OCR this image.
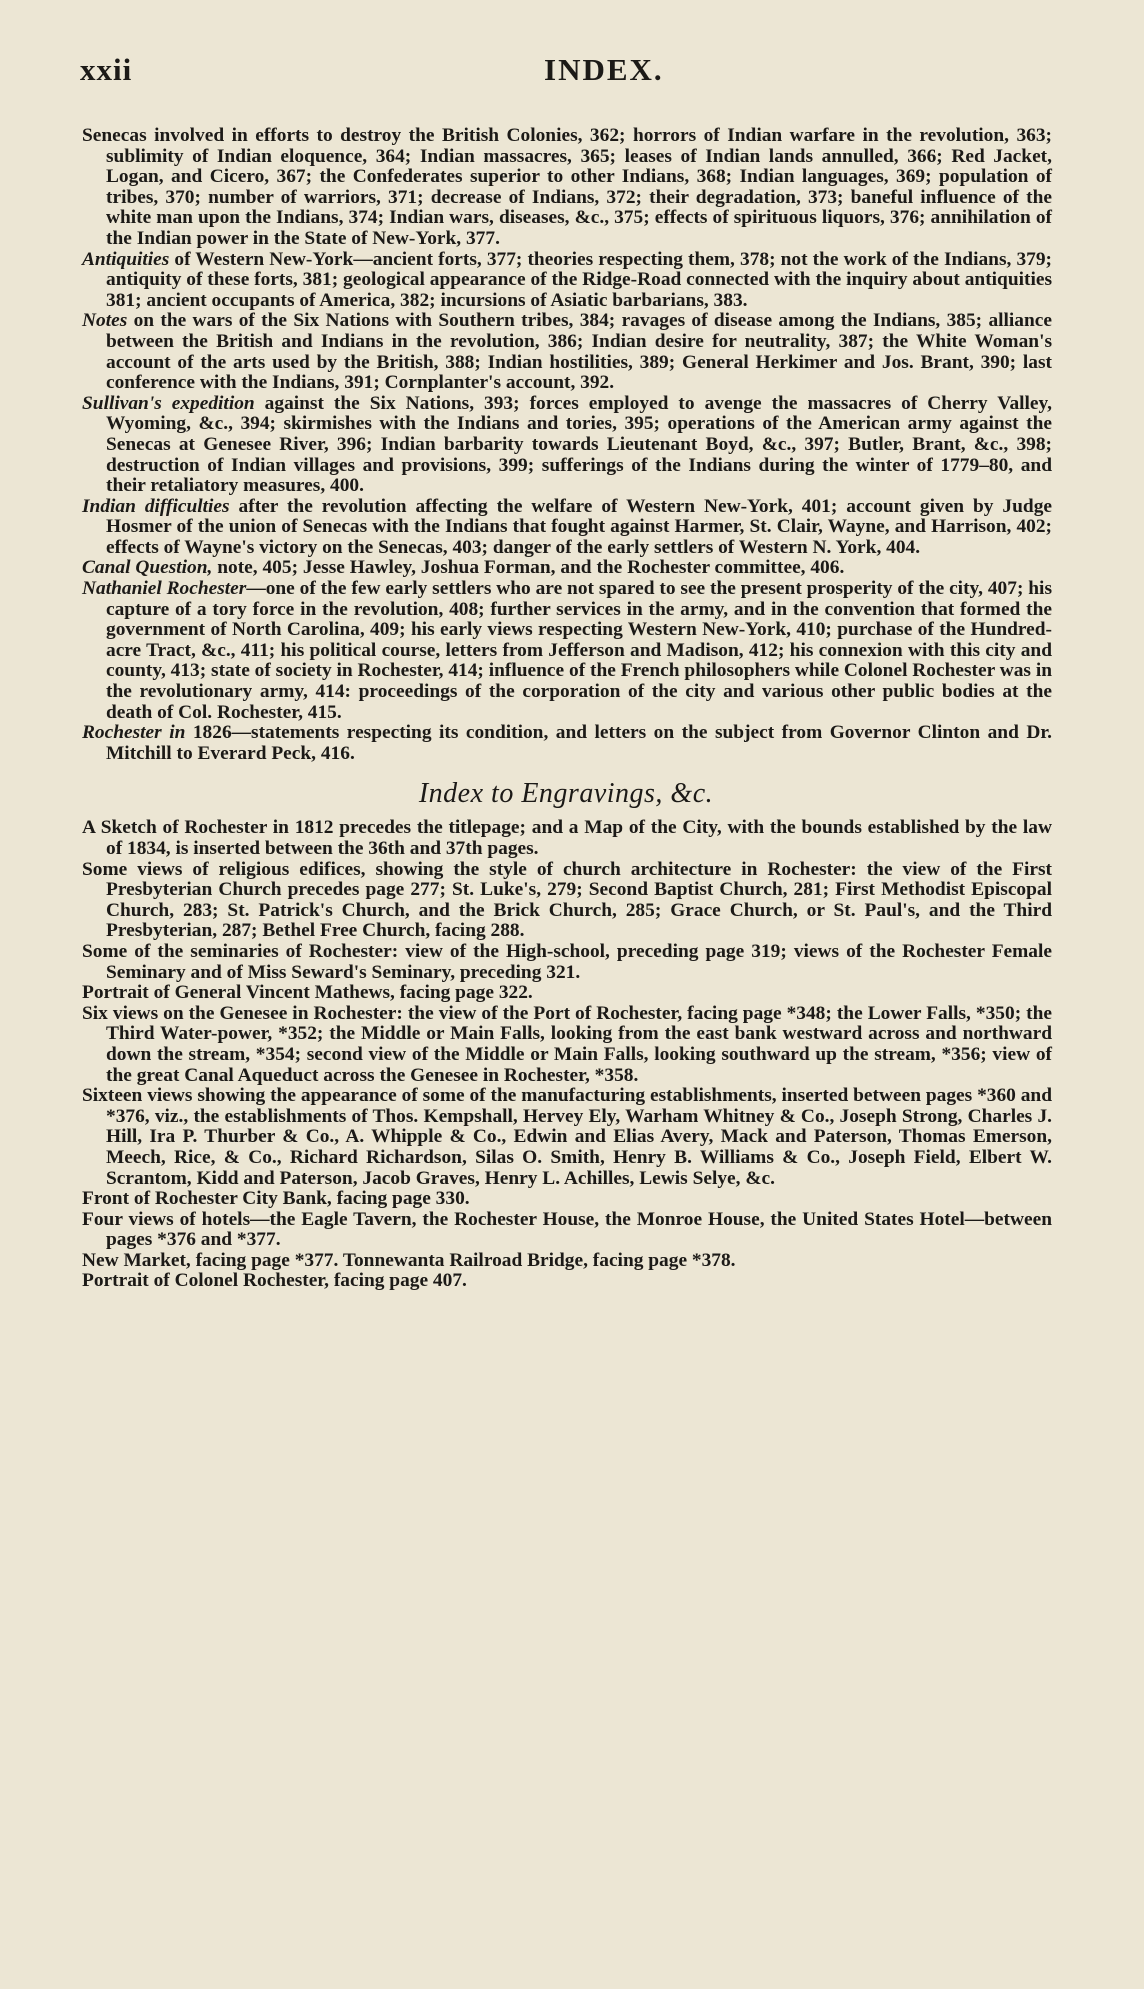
xxii	INDEX.

Senecas involved in efforts to destroy the British Colonies, 362; horrors of Indian warfare in the revolution, 363; sublimity of Indian eloquence, 364; Indian massacres, 365; leases of Indian lands annulled, 366; Red Jacket, Logan, and Cicero, 367; the Confederates superior to other Indians, 368; Indian languages, 369; population of tribes, 370; number of warriors, 371; decrease of Indians, 372; their degradation, 373; baneful influence of the white man upon the Indians, 374; Indian wars, diseases, &c., 375; effects of spirituous liquors, 376; annihilation of the Indian power in the State of New-York, 377.

Antiquities of Western New-York—ancient forts, 377; theories respecting them, 378; not the work of the Indians, 379; antiquity of these forts, 381; geological appearance of the Ridge-Road connected with the inquiry about antiquities 381; ancient occupants of America, 382; incursions of Asiatic barbarians, 383.

Notes on the wars of the Six Nations with Southern tribes, 384; ravages of disease among the Indians, 385; alliance between the British and Indians in the revolution, 386; Indian desire for neutrality, 387; the White Woman's account of the arts used by the British, 388; Indian hostilities, 389; General Herkimer and Jos. Brant, 390; last conference with the Indians, 391; Cornplanter's account, 392.

Sullivan's expedition against the Six Nations, 393; forces employed to avenge the massacres of Cherry Valley, Wyoming, &c., 394; skirmishes with the Indians and tories, 395; operations of the American army against the Senecas at Genesee River, 396; Indian barbarity towards Lieutenant Boyd, &c., 397; Butler, Brant, &c., 398; destruction of Indian villages and provisions, 399; sufferings of the Indians during the winter of 1779–80, and their retaliatory measures, 400.

Indian difficulties after the revolution affecting the welfare of Western New-York, 401; account given by Judge Hosmer of the union of Senecas with the Indians that fought against Harmer, St. Clair, Wayne, and Harrison, 402; effects of Wayne's victory on the Senecas, 403; danger of the early settlers of Western N. York, 404.

Canal Question, note, 405; Jesse Hawley, Joshua Forman, and the Rochester committee, 406.

Nathaniel Rochester—one of the few early settlers who are not spared to see the present prosperity of the city, 407; his capture of a tory force in the revolution, 408; further services in the army, and in the convention that formed the government of North Carolina, 409; his early views respecting Western New-York, 410; purchase of the Hundred-acre Tract, &c., 411; his political course, letters from Jefferson and Madison, 412; his connexion with this city and county, 413; state of society in Rochester, 414; influence of the French philosophers while Colonel Rochester was in the revolutionary army, 414: proceedings of the corporation of the city and various other public bodies at the death of Col. Rochester, 415.

Rochester in 1826—statements respecting its condition, and letters on the subject from Governor Clinton and Dr. Mitchill to Everard Peck, 416.

Index to Engravings, &c.

A Sketch of Rochester in 1812 precedes the titlepage; and a Map of the City, with the bounds established by the law of 1834, is inserted between the 36th and 37th pages.

Some views of religious edifices, showing the style of church architecture in Rochester: the view of the First Presbyterian Church precedes page 277; St. Luke's, 279; Second Baptist Church, 281; First Methodist Episcopal Church, 283; St. Patrick's Church, and the Brick Church, 285; Grace Church, or St. Paul's, and the Third Presbyterian, 287; Bethel Free Church, facing 288.

Some of the seminaries of Rochester: view of the High-school, preceding page 319; views of the Rochester Female Seminary and of Miss Seward's Seminary, preceding 321.

Portrait of General Vincent Mathews, facing page 322.

Six views on the Genesee in Rochester: the view of the Port of Rochester, facing page *348; the Lower Falls, *350; the Third Water-power, *352; the Middle or Main Falls, looking from the east bank westward across and northward down the stream, *354; second view of the Middle or Main Falls, looking southward up the stream, *356; view of the great Canal Aqueduct across the Genesee in Rochester, *358.

Sixteen views showing the appearance of some of the manufacturing establishments, inserted between pages *360 and *376, viz., the establishments of Thos. Kempshall, Hervey Ely, Warham Whitney & Co., Joseph Strong, Charles J. Hill, Ira P. Thurber & Co., A. Whipple & Co., Edwin and Elias Avery, Mack and Paterson, Thomas Emerson, Meech, Rice, & Co., Richard Richardson, Silas O. Smith, Henry B. Williams & Co., Joseph Field, Elbert W. Scrantom, Kidd and Paterson, Jacob Graves, Henry L. Achilles, Lewis Selye, &c.

Front of Rochester City Bank, facing page 330.

Four views of hotels—the Eagle Tavern, the Rochester House, the Monroe House, the United States Hotel—between pages *376 and *377.

New Market, facing page *377. Tonnewanta Railroad Bridge, facing page *378.

Portrait of Colonel Rochester, facing page 407.
